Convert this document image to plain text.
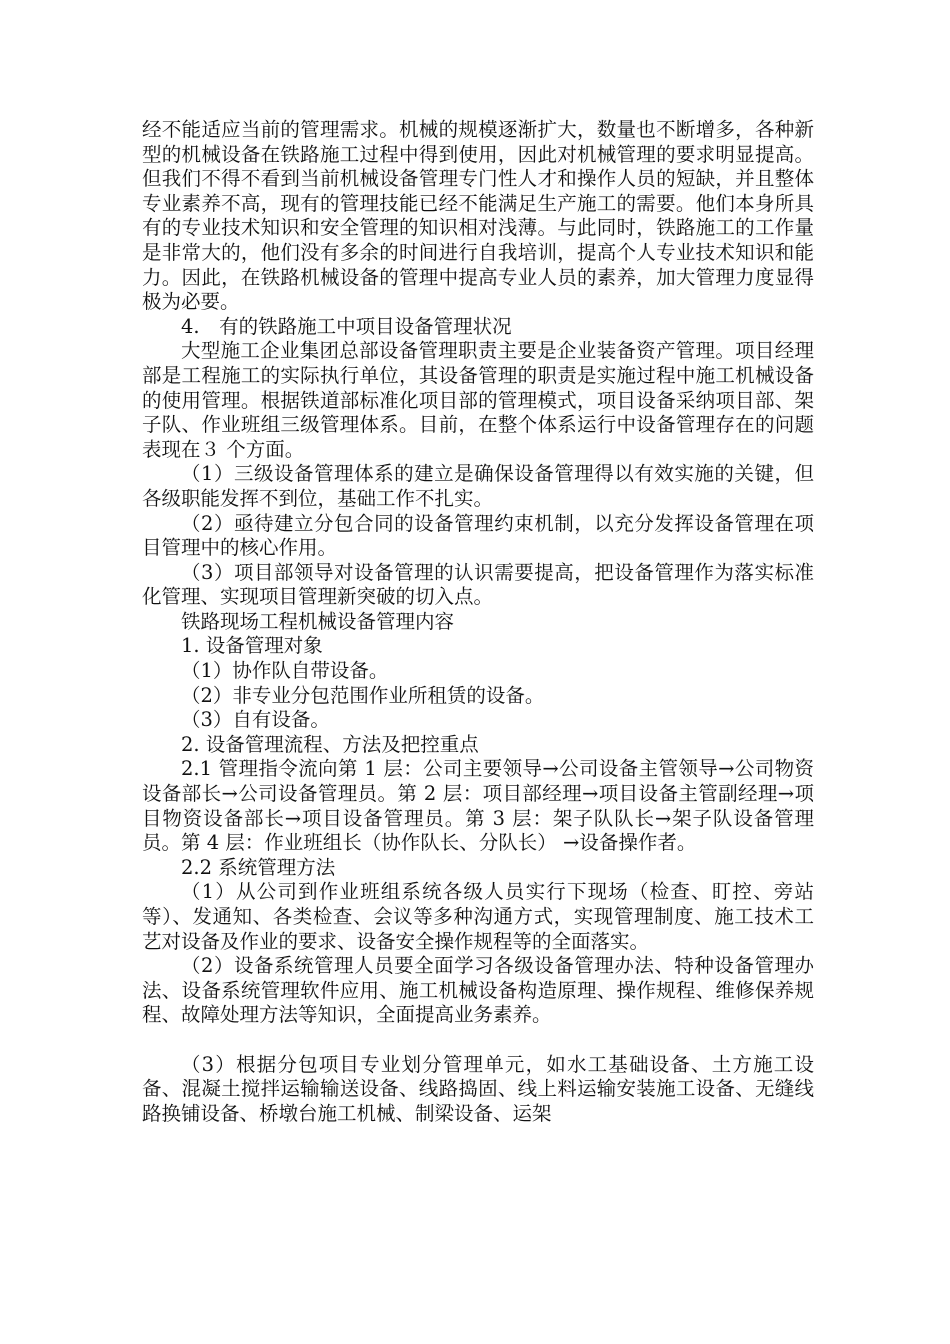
经不能适应当前的管理需求。机械的规模逐渐扩大，数量也不断增多，各种新型的机械设备在铁路施工过程中得到使用，因此对机械管理的要求明显提高。但我们不得不看到当前机械设备管理专门性人才和操作人员的短缺，并且整体专业素养不高，现有的管理技能已经不能满足生产施工的需要。他们本身所具有的专业技术知识和安全管理的知识相对浅薄。与此同时，铁路施工的工作量是非常大的，他们没有多余的时间进行自我培训，提高个人专业技术知识和能力。因此，在铁路机械设备的管理中提高专业人员的素养，加大管理力度显得极为必要。

4.　有的铁路施工中项目设备管理状况

大型施工企业集团总部设备管理职责主要是企业装备资产管理。项目经理部是工程施工的实际执行单位，其设备管理的职责是实施过程中施工机械设备的使用管理。根据铁道部标准化项目部的管理模式，项目设备采纳项目部、架子队、作业班组三级管理体系。目前，在整个体系运行中设备管理存在的问题表现在３ 个方面。

（1）三级设备管理体系的建立是确保设备管理得以有效实施的关键，但各级职能发挥不到位，基础工作不扎实。

（2）亟待建立分包合同的设备管理约束机制，以充分发挥设备管理在项目管理中的核心作用。

（3）项目部领导对设备管理的认识需要提高，把设备管理作为落实标准化管理、实现项目管理新突破的切入点。

铁路现场工程机械设备管理内容

1. 设备管理对象

（1）协作队自带设备。

（2）非专业分包范围作业所租赁的设备。

（3）自有设备。

2. 设备管理流程、方法及把控重点

2.1 管理指令流向第 1 层：公司主要领导→公司设备主管领导→公司物资设备部长→公司设备管理员。第 2 层：项目部经理→项目设备主管副经理→项目物资设备部长→项目设备管理员。第 3 层：架子队队长→架子队设备管理员。第 4 层：作业班组长（协作队长、分队长） →设备操作者。

2.2 系统管理方法

（1）从公司到作业班组系统各级人员实行下现场（检查、盯控、旁站等）、发通知、各类检查、会议等多种沟通方式，实现管理制度、施工技术工艺对设备及作业的要求、设备安全操作规程等的全面落实。

（2）设备系统管理人员要全面学习各级设备管理办法、特种设备管理办法、设备系统管理软件应用、施工机械设备构造原理、操作规程、维修保养规程、故障处理方法等知识，全面提高业务素养。

（3）根据分包项目专业划分管理单元，如水工基础设备、土方施工设备、混凝土搅拌运输输送设备、线路捣固、线上料运输安装施工设备、无缝线路换铺设备、桥墩台施工机械、制梁设备、运架
